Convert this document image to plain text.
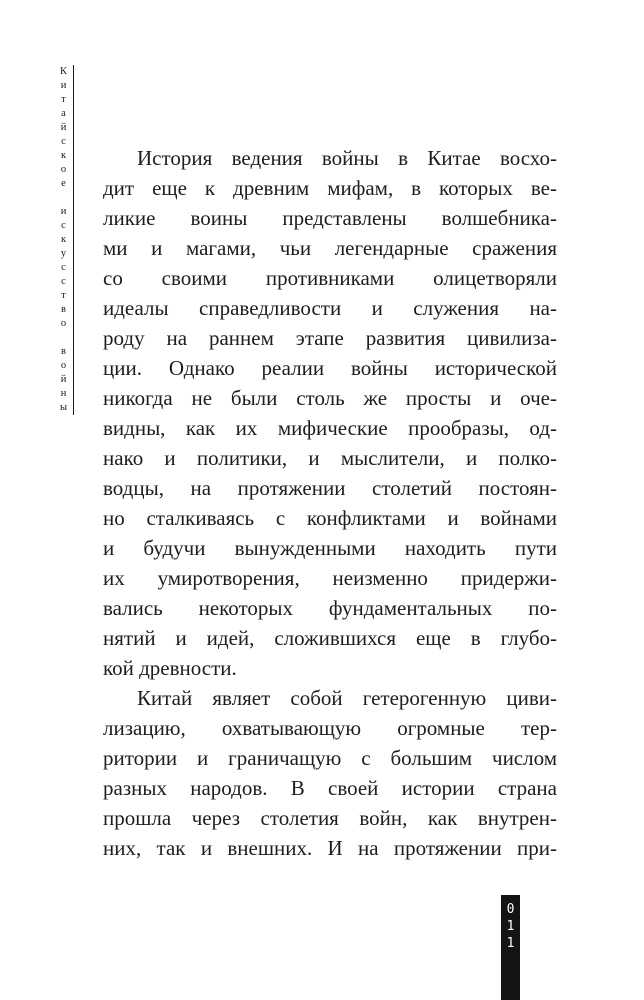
К
и
т
а
й
с
к
о
е
и
с
к
у
с
с
т
в
о
в
о
й
н
ы
История ведения войны в Китае восхо-
дит еще к древним мифам, в которых ве-
ликие воины представлены волшебника-
ми и магами, чьи легендарные сражения
со своими противниками олицетворяли
идеалы справедливости и служения на-
роду на раннем этапе развития цивилиза-
ции. Однако реалии войны исторической
никогда не были столь же просты и оче-
видны, как их мифические прообразы, од-
нако и политики, и мыслители, и полко-
водцы, на протяжении столетий постоян-
но сталкиваясь с конфликтами и войнами
и будучи вынужденными находить пути
их умиротворения, неизменно придержи-
вались некоторых фундаментальных по-
нятий и идей, сложившихся еще в глубо-
кой древности.
Китай являет собой гетерогенную циви-
лизацию, охватывающую огромные тер-
ритории и граничащую с большим числом
разных народов. В своей истории страна
прошла через столетия войн, как внутрен-
них, так и внешних. И на протяжении при-
0
1
1
